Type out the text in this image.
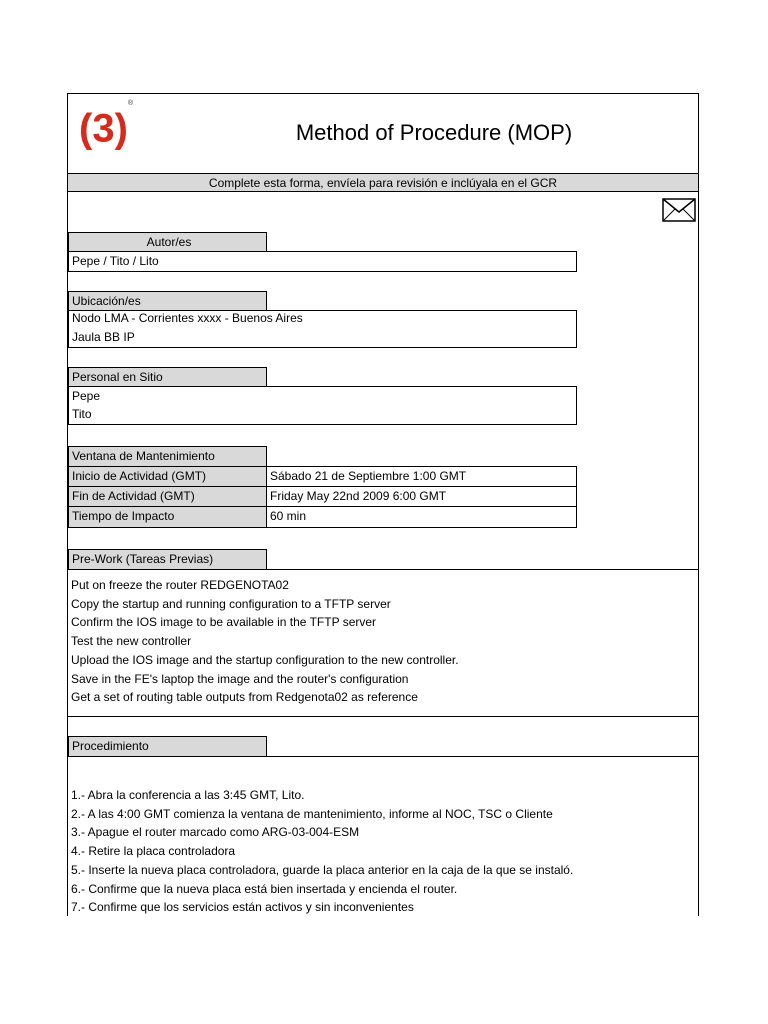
(3)®
Method of Procedure (MOP)
Complete esta forma, envíela para revisión e inclúyala en el GCR
Autor/es
Pepe / Tito / Lito
Ubicación/es
Nodo LMA - Corrientes xxxx - Buenos Aires
Jaula BB IP
Personal en Sitio
Pepe
Tito
Ventana de Mantenimiento
Inicio de Actividad (GMT)	Sábado 21 de Septiembre 1:00 GMT
Fin de Actividad (GMT)	Friday May 22nd 2009 6:00 GMT
Tiempo de Impacto	60 min
Pre-Work (Tareas Previas)
Put on freeze the router REDGENOTA02
Copy the startup and running configuration to a TFTP server
Confirm the IOS image to be available in the TFTP server
Test the new controller
Upload the IOS image and the startup configuration to the new controller.
Save in the FE's laptop the image and the router's configuration
Get a set of routing table outputs from Redgenota02 as reference
Procedimiento
1.- Abra la conferencia a las 3:45 GMT, Lito.
2.- A las 4:00 GMT comienza la ventana de mantenimiento, informe al NOC, TSC o Cliente
3.- Apague el router marcado como ARG-03-004-ESM
4.- Retire la placa controladora
5.- Inserte la nueva placa controladora, guarde la placa anterior en la caja de la que se instaló.
6.- Confirme que la nueva placa está bien insertada y encienda el router.
7.- Confirme que los servicios están activos y sin inconvenientes
